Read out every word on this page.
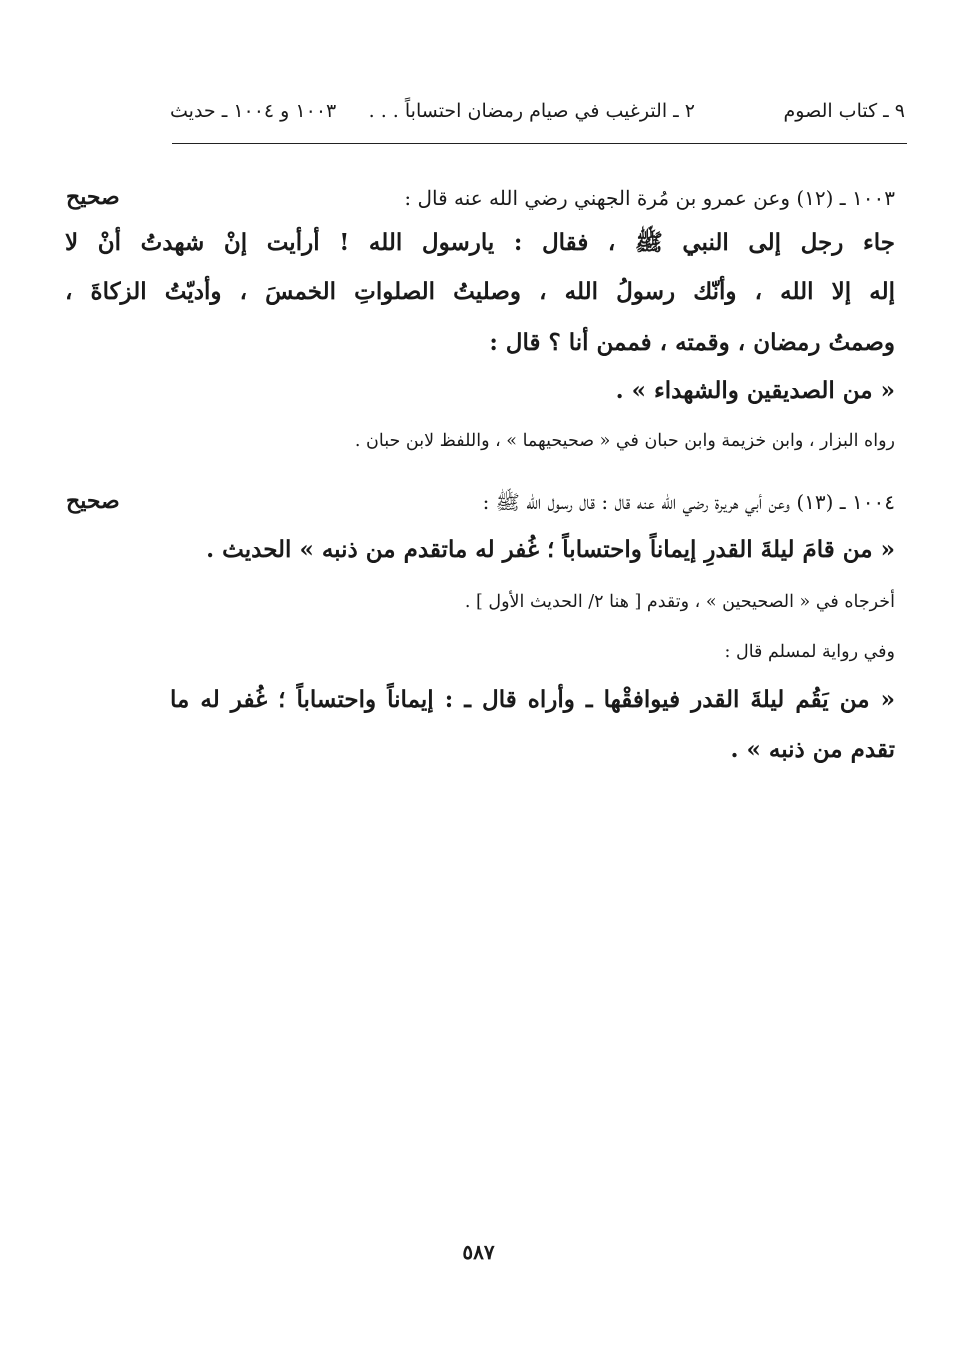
٩ ـ كتاب الصوم
٢ ـ الترغيب في صيام رمضان احتساباً . . .
١٠٠٣ و ١٠٠٤ ـ حديث
صحيح	١٠٠٣ ـ (١٢) وعن عمرو بن مُرة الجهني رضي الله عنه قال :
جاء رجل إلى النبي ﷺ ، فقال : يارسول الله ! أرأيت إنْ شهدتُ أنْ لا
إله إلا الله ، وأنّك رسولُ الله ، وصليتُ الصلواتِ الخمسَ ، وأديّتُ الزكاةَ ،
وصمتُ رمضان ، وقمته ، فممن أنا ؟ قال :
« من الصديقين والشهداء » .
رواه البزار ، وابن خزيمة وابن حبان في « صحيحيهما » ، واللفظ لابن حبان .
صحيح	١٠٠٤ ـ (١٣) وعن أبي هريرة رضي الله عنه قال : قال رسول الله ﷺ :
« من قامَ ليلةَ القدرِ إيماناً واحتساباً ؛ غُفر له ماتقدم من ذنبه » الحديث .
أخرجاه في « الصحيحين » ، وتقدم [ هنا ٢/ الحديث الأول ] .
وفي رواية لمسلم قال :
« من يَقُم ليلةَ القدر فيوافقْها ـ وأراه قال ـ : إيماناً واحتساباً ؛ غُفر له ما
تقدم من ذنبه » .
٥٨٧
